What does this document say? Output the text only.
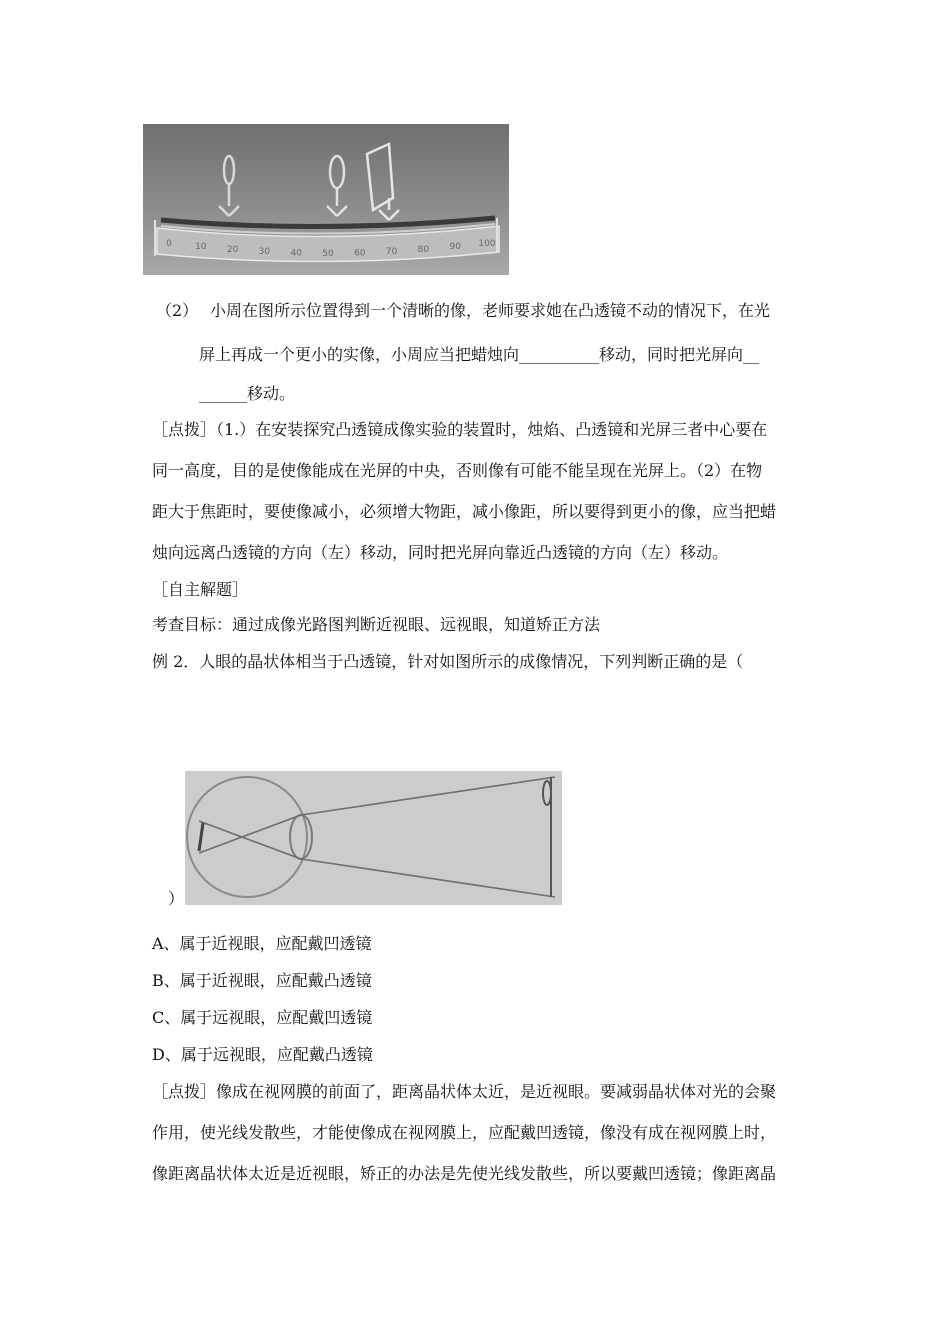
0	10 20 30 40 50 60 70 80 90 100
（2） 小周在图所示位置得到一个清晰的像，老师要求她在凸透镜不动的情况下，在光
屏上再成一个更小的实像，小周应当把蜡烛向__________移动，同时把光屏向__
______移动。
［点拨］（1.）在安装探究凸透镜成像实验的装置时，烛焰、凸透镜和光屏三者中心要在
同一高度，目的是使像能成在光屏的中央，否则像有可能不能呈现在光屏上。（2）在物
距大于焦距时，要使像减小，必须增大物距，减小像距，所以要得到更小的像，应当把蜡
烛向远离凸透镜的方向（左）移动，同时把光屏向靠近凸透镜的方向（左）移动。
［自主解题］
考查目标：通过成像光路图判断近视眼、远视眼，知道矫正方法
例 2．人眼的晶状体相当于凸透镜，针对如图所示的成像情况，下列判断正确的是（
）
A、属于近视眼，应配戴凹透镜
B、属于近视眼，应配戴凸透镜
C、属于远视眼，应配戴凹透镜
D、属于远视眼，应配戴凸透镜
［点拨］像成在视网膜的前面了，距离晶状体太近，是近视眼。要减弱晶状体对光的会聚
作用，使光线发散些，才能使像成在视网膜上，应配戴凹透镜，像没有成在视网膜上时，
像距离晶状体太近是近视眼，矫正的办法是先使光线发散些，所以要戴凹透镜；像距离晶
